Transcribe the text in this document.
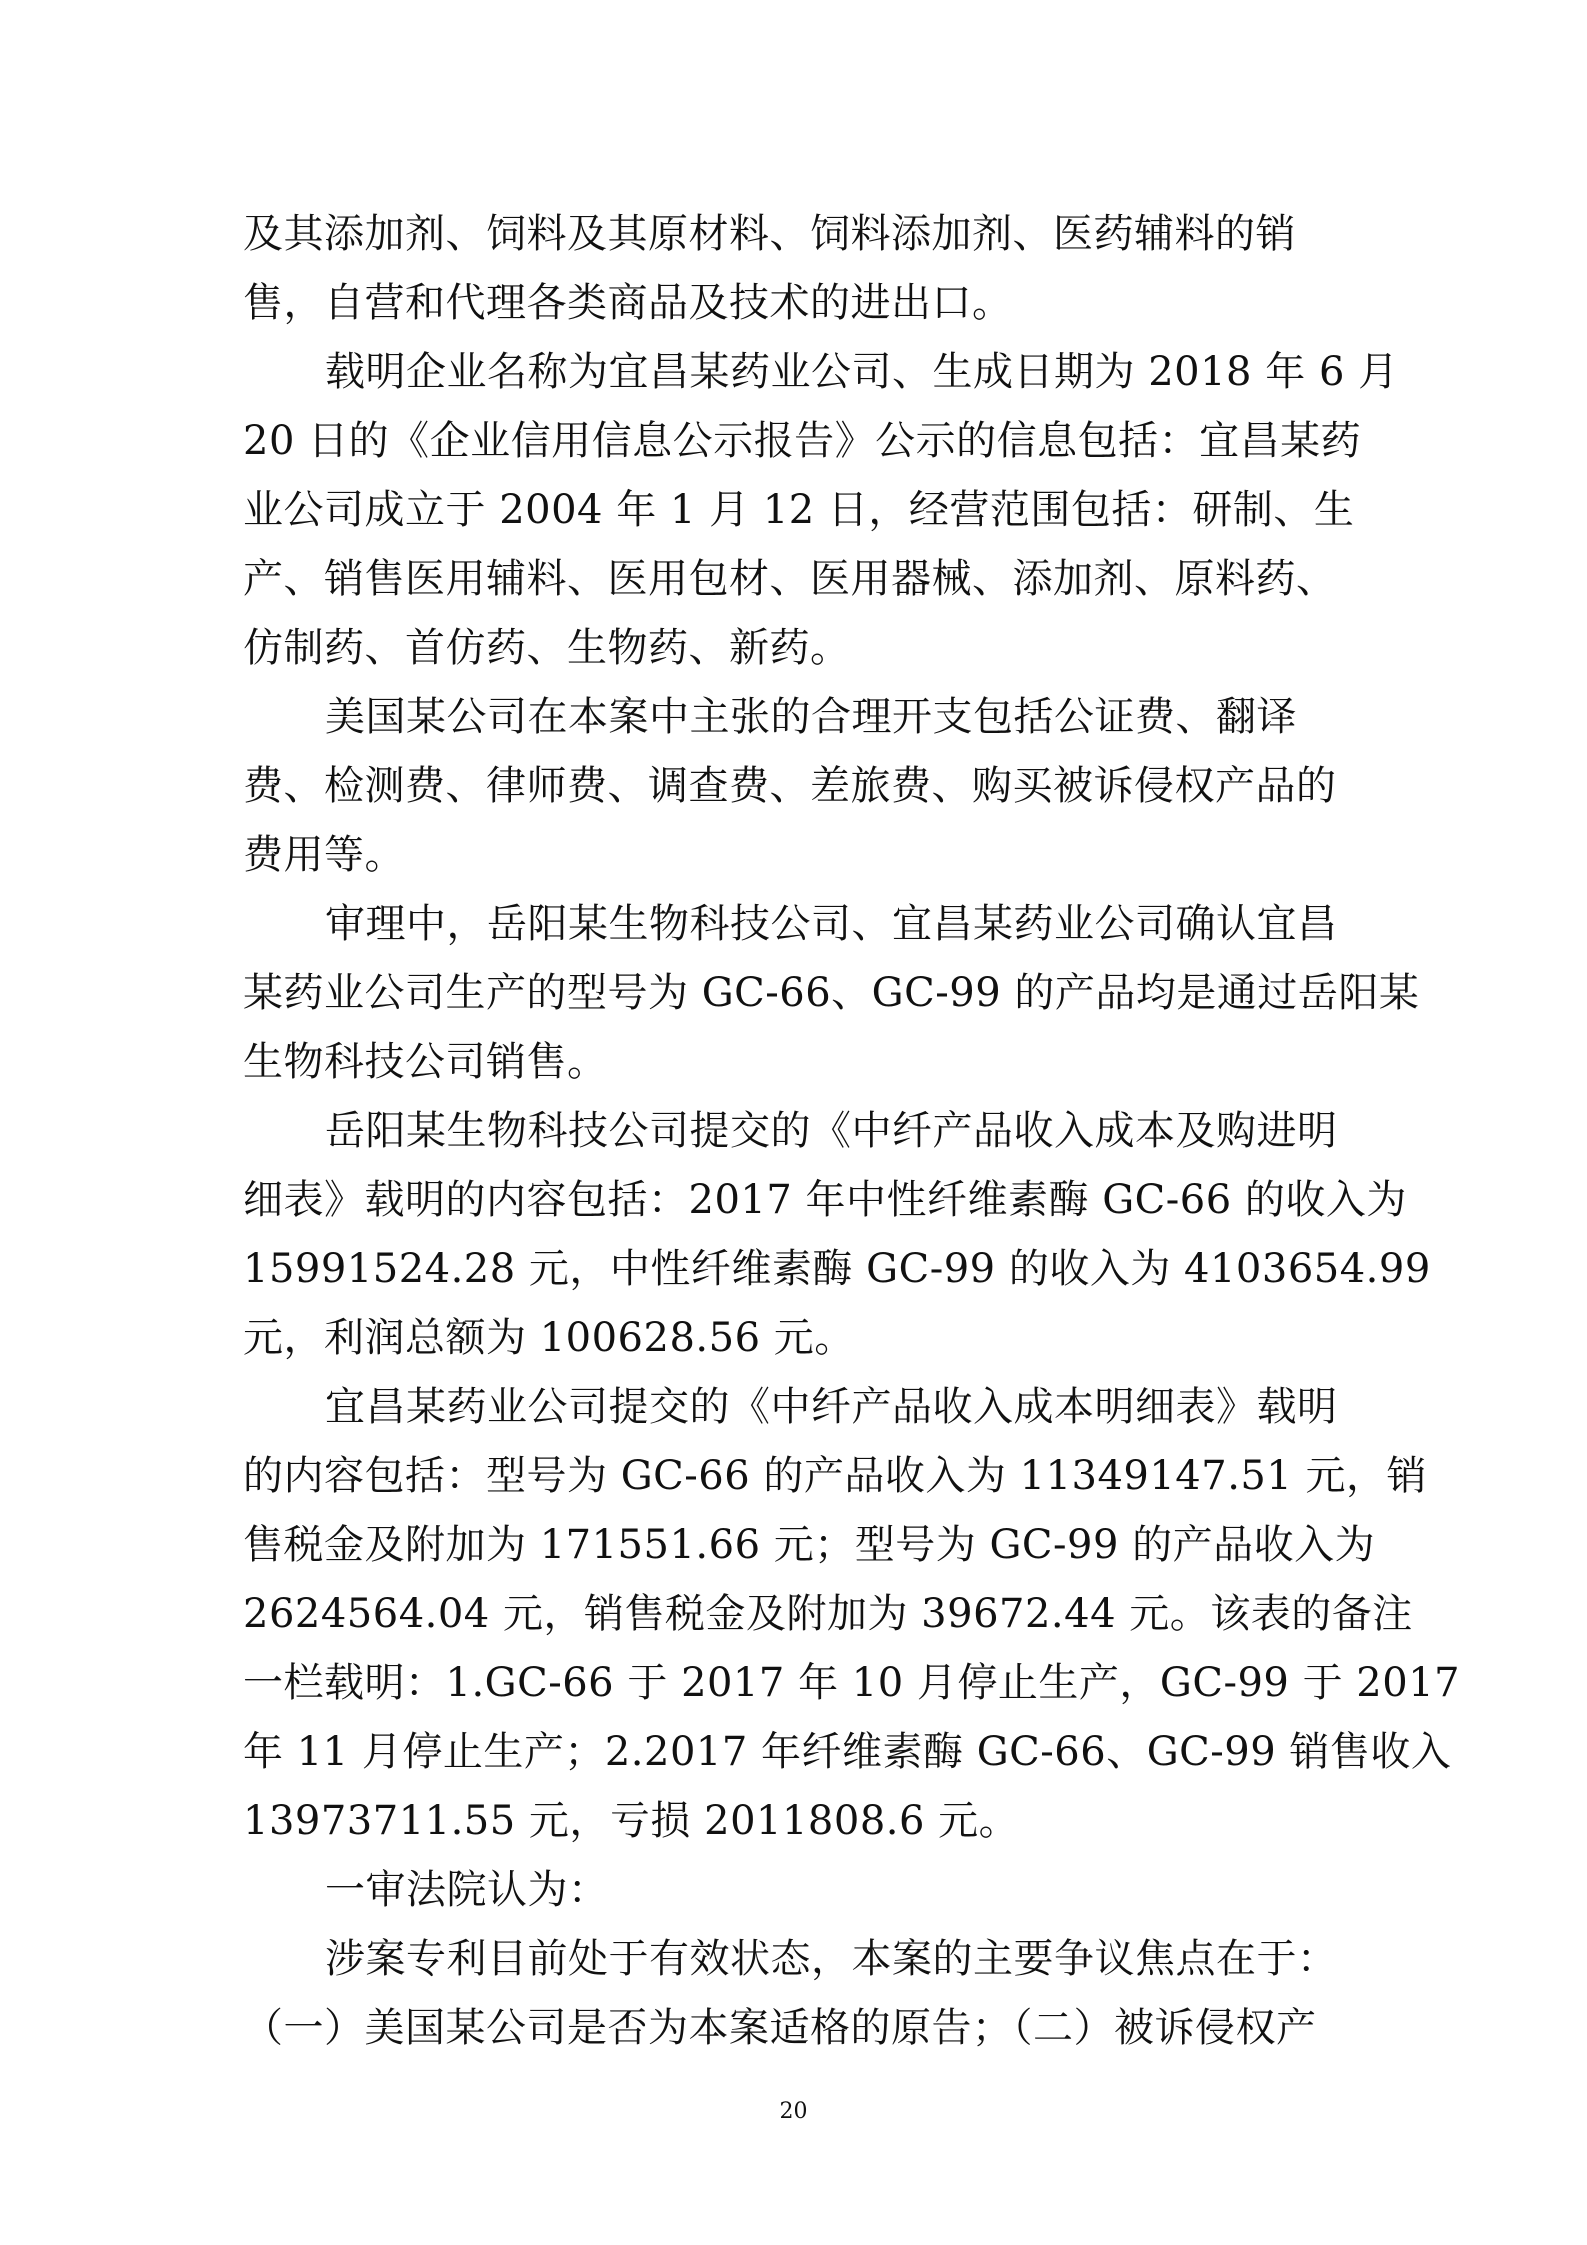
及其添加剂、饲料及其原材料、饲料添加剂、医药辅料的销
售，自营和代理各类商品及技术的进出口。
载明企业名称为宜昌某药业公司、生成日期为 2018 年 6 月
20 日的《企业信用信息公示报告》公示的信息包括：宜昌某药
业公司成立于 2004 年 1 月 12 日，经营范围包括：研制、生
产、销售医用辅料、医用包材、医用器械、添加剂、原料药、
仿制药、首仿药、生物药、新药。
美国某公司在本案中主张的合理开支包括公证费、翻译
费、检测费、律师费、调查费、差旅费、购买被诉侵权产品的
费用等。
审理中，岳阳某生物科技公司、宜昌某药业公司确认宜昌
某药业公司生产的型号为 GC-66、GC-99 的产品均是通过岳阳某
生物科技公司销售。
岳阳某生物科技公司提交的《中纤产品收入成本及购进明
细表》载明的内容包括：2017 年中性纤维素酶 GC-66 的收入为
15991524.28 元，中性纤维素酶 GC-99 的收入为 4103654.99
元，利润总额为 100628.56 元。
宜昌某药业公司提交的《中纤产品收入成本明细表》载明
的内容包括：型号为 GC-66 的产品收入为 11349147.51 元，销
售税金及附加为 171551.66 元；型号为 GC-99 的产品收入为
2624564.04 元，销售税金及附加为 39672.44 元。该表的备注
一栏载明：1.GC-66 于 2017 年 10 月停止生产，GC-99 于 2017
年 11 月停止生产；2.2017 年纤维素酶 GC-66、GC-99 销售收入
13973711.55 元，亏损 2011808.6 元。
一审法院认为：
涉案专利目前处于有效状态，本案的主要争议焦点在于：
（一）美国某公司是否为本案适格的原告；（二）被诉侵权产
20
